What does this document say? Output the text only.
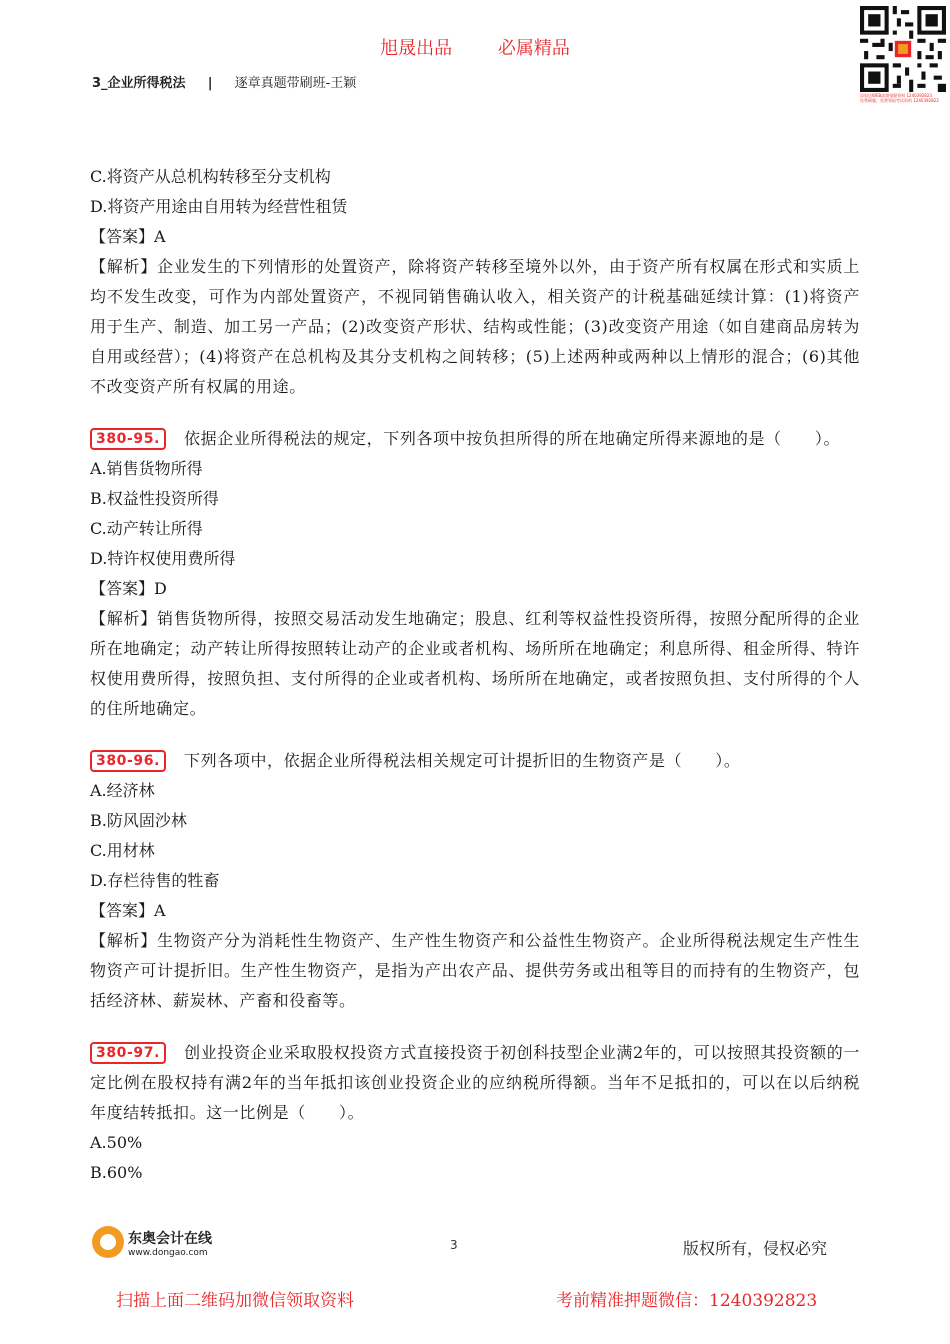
旭晟出品	必属精品
3_企业所得税法 | 逐章真题带刷班-王颖
添加送WEB高频错题资料 1240392823
免费刷题，免费领取考试资料 1240392823

C.将资产从总机构转移至分支机构

D.将资产用途由自用转为经营性租赁

【答案】A

【解析】企业发生的下列情形的处置资产，除将资产转移至境外以外，由于资产所有权属在形式和实质上均不发生改变，可作为内部处置资产，不视同销售确认收入，相关资产的计税基础延续计算：(1)将资产用于生产、制造、加工另一产品；(2)改变资产形状、结构或性能；(3)改变资产用途（如自建商品房转为自用或经营）；(4)将资产在总机构及其分支机构之间转移；(5)上述两种或两种以上情形的混合；(6)其他不改变资产所有权属的用途。

380-95. 依据企业所得税法的规定，下列各项中按负担所得的所在地确定所得来源地的是（　　）。

A.销售货物所得

B.权益性投资所得

C.动产转让所得

D.特许权使用费所得

【答案】D

【解析】销售货物所得，按照交易活动发生地确定；股息、红利等权益性投资所得，按照分配所得的企业所在地确定；动产转让所得按照转让动产的企业或者机构、场所所在地确定；利息所得、租金所得、特许权使用费所得，按照负担、支付所得的企业或者机构、场所所在地确定，或者按照负担、支付所得的个人的住所地确定。

380-96. 下列各项中，依据企业所得税法相关规定可计提折旧的生物资产是（　　）。

A.经济林

B.防风固沙林

C.用材林

D.存栏待售的牲畜

【答案】A

【解析】生物资产分为消耗性生物资产、生产性生物资产和公益性生物资产。企业所得税法规定生产性生物资产可计提折旧。生产性生物资产，是指为产出农产品、提供劳务或出租等目的而持有的生物资产，包括经济林、薪炭林、产畜和役畜等。

380-97. 创业投资企业采取股权投资方式直接投资于初创科技型企业满2年的，可以按照其投资额的一定比例在股权持有满2年的当年抵扣该创业投资企业的应纳税所得额。当年不足抵扣的，可以在以后纳税年度结转抵扣。这一比例是（　　）。

A.50%

B.60%

东奥会计在线
www.dongao.com
3	版权所有，侵权必究
扫描上面二维码加微信领取资料	考前精准押题微信：1240392823
